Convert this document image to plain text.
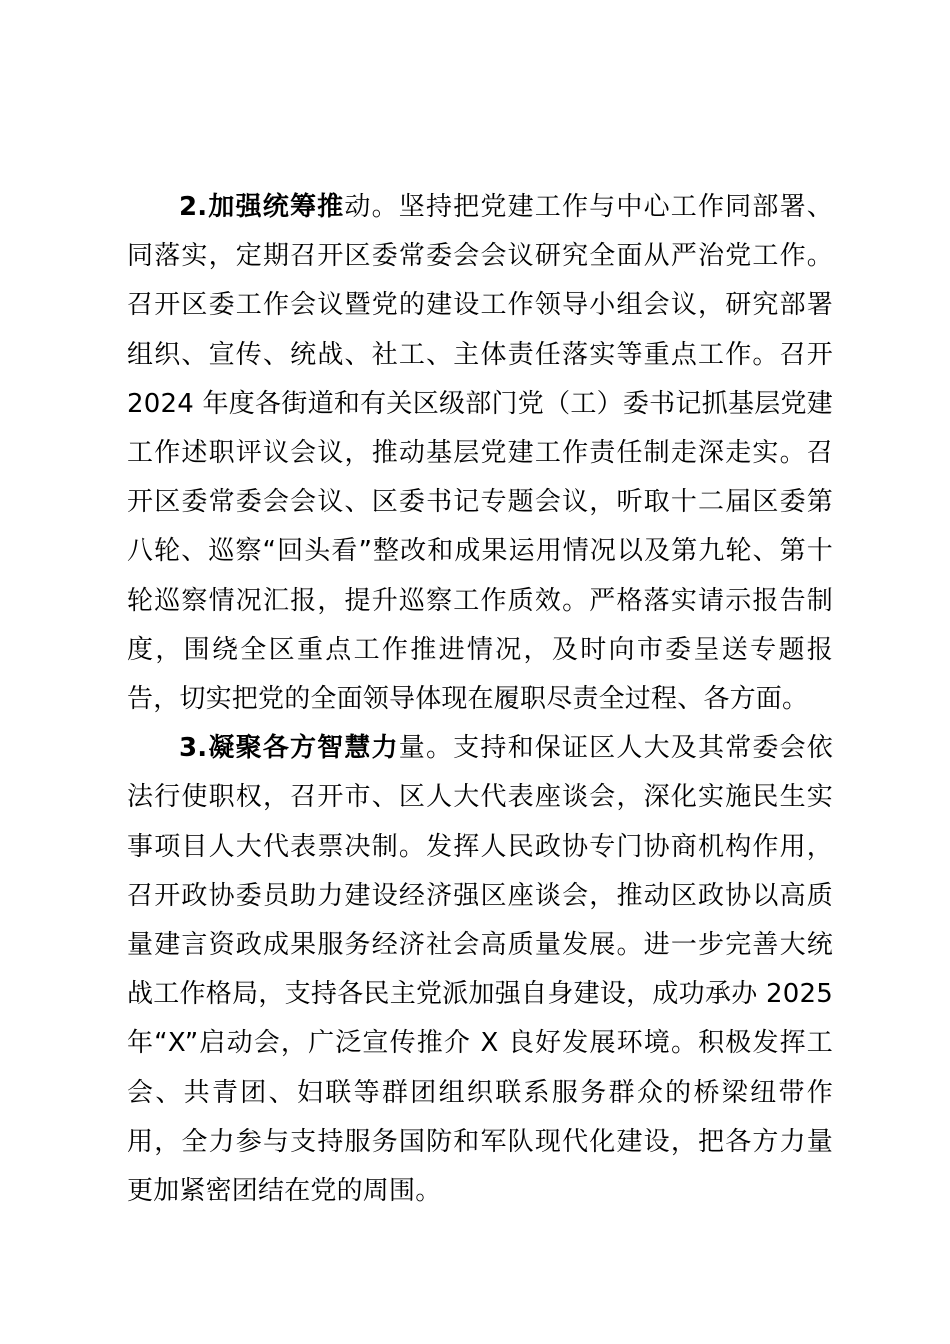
2.加强统筹推动。坚持把党建工作与中心工作同部署、同落实，定期召开区委常委会会议研究全面从严治党工作。召开区委工作会议暨党的建设工作领导小组会议，研究部署组织、宣传、统战、社工、主体责任落实等重点工作。召开 2024 年度各街道和有关区级部门党（工）委书记抓基层党建工作述职评议会议，推动基层党建工作责任制走深走实。召开区委常委会会议、区委书记专题会议，听取十二届区委第八轮、巡察“回头看”整改和成果运用情况以及第九轮、第十轮巡察情况汇报，提升巡察工作质效。严格落实请示报告制度，围绕全区重点工作推进情况，及时向市委呈送专题报告，切实把党的全面领导体现在履职尽责全过程、各方面。

3.凝聚各方智慧力量。支持和保证区人大及其常委会依法行使职权，召开市、区人大代表座谈会，深化实施民生实事项目人大代表票决制。发挥人民政协专门协商机构作用，召开政协委员助力建设经济强区座谈会，推动区政协以高质量建言资政成果服务经济社会高质量发展。进一步完善大统战工作格局，支持各民主党派加强自身建设，成功承办 2025 年“X”启动会，广泛宣传推介 X 良好发展环境。积极发挥工会、共青团、妇联等群团组织联系服务群众的桥梁纽带作用，全力参与支持服务国防和军队现代化建设，把各方力量更加紧密团结在党的周围。
